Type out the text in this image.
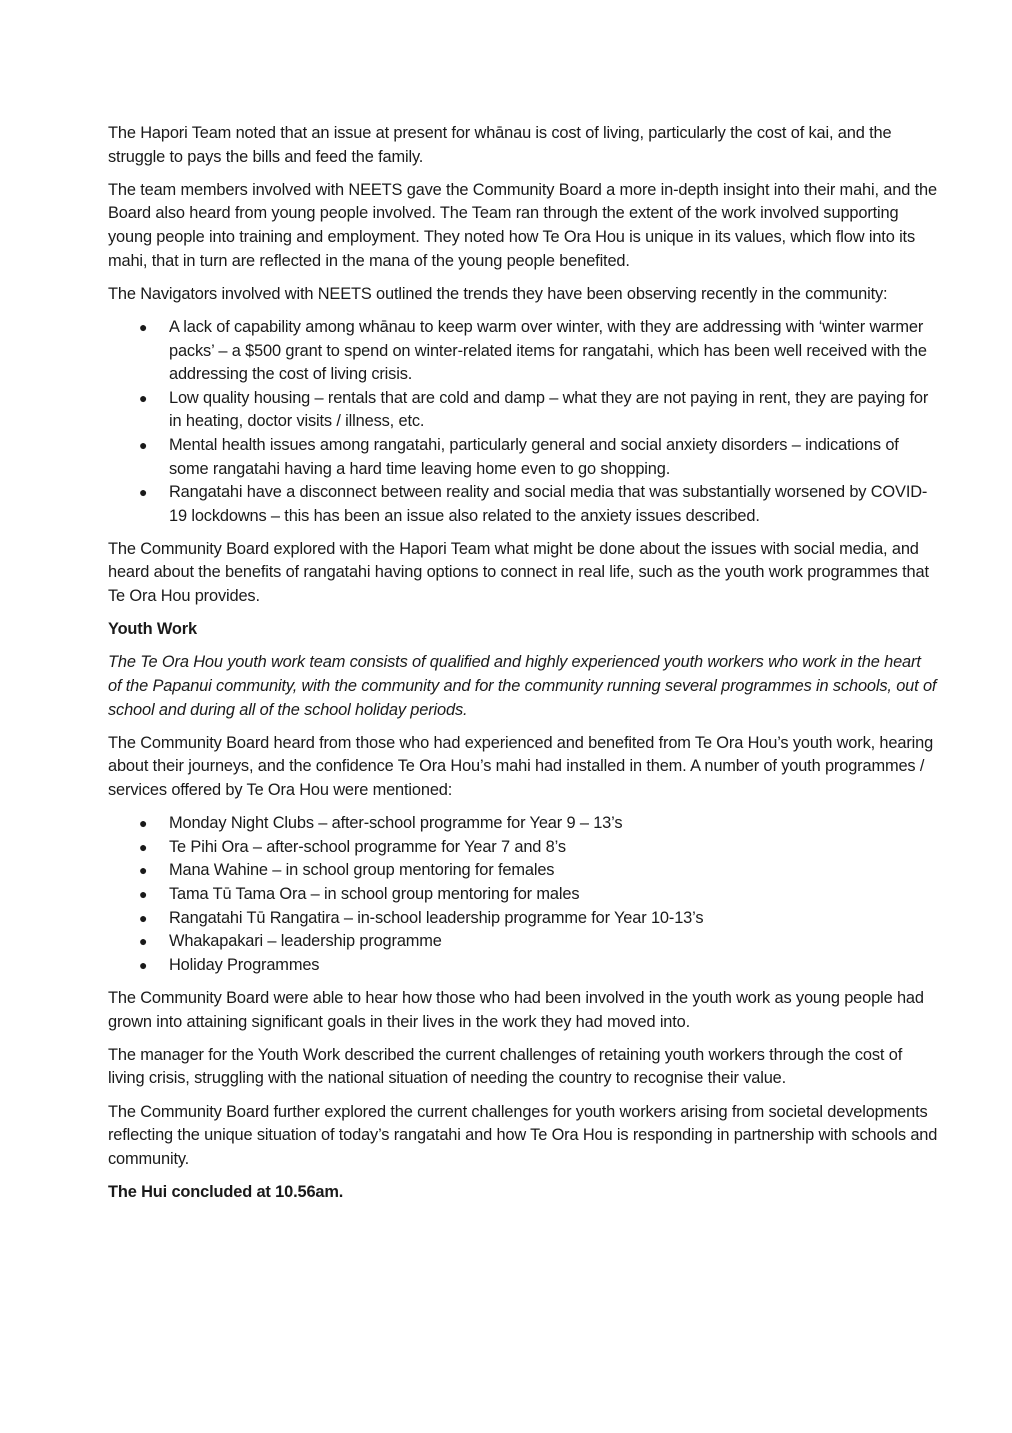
The Hapori Team noted that an issue at present for whānau is cost of living, particularly the cost of kai, and the struggle to pays the bills and feed the family.

The team members involved with NEETS gave the Community Board a more in-depth insight into their mahi, and the Board also heard from young people involved. The Team ran through the extent of the work involved supporting young people into training and employment. They noted how Te Ora Hou is unique in its values, which flow into its mahi, that in turn are reflected in the mana of the young people benefited.

The Navigators involved with NEETS outlined the trends they have been observing recently in the community:

● A lack of capability among whānau to keep warm over winter, with they are addressing with ‘winter warmer packs’ – a $500 grant to spend on winter-related items for rangatahi, which has been well received with the addressing the cost of living crisis.
● Low quality housing – rentals that are cold and damp – what they are not paying in rent, they are paying for in heating, doctor visits / illness, etc.
● Mental health issues among rangatahi, particularly general and social anxiety disorders – indications of some rangatahi having a hard time leaving home even to go shopping.
● Rangatahi have a disconnect between reality and social media that was substantially worsened by COVID-19 lockdowns – this has been an issue also related to the anxiety issues described.

The Community Board explored with the Hapori Team what might be done about the issues with social media, and heard about the benefits of rangatahi having options to connect in real life, such as the youth work programmes that Te Ora Hou provides.

Youth Work

The Te Ora Hou youth work team consists of qualified and highly experienced youth workers who work in the heart of the Papanui community, with the community and for the community running several programmes in schools, out of school and during all of the school holiday periods.

The Community Board heard from those who had experienced and benefited from Te Ora Hou’s youth work, hearing about their journeys, and the confidence Te Ora Hou’s mahi had installed in them. A number of youth programmes / services offered by Te Ora Hou were mentioned:

● Monday Night Clubs – after-school programme for Year 9 – 13’s
● Te Pihi Ora – after-school programme for Year 7 and 8’s
● Mana Wahine – in school group mentoring for females
● Tama Tū Tama Ora – in school group mentoring for males
● Rangatahi Tū Rangatira – in-school leadership programme for Year 10-13’s
● Whakapakari – leadership programme
● Holiday Programmes

The Community Board were able to hear how those who had been involved in the youth work as young people had grown into attaining significant goals in their lives in the work they had moved into.

The manager for the Youth Work described the current challenges of retaining youth workers through the cost of living crisis, struggling with the national situation of needing the country to recognise their value.

The Community Board further explored the current challenges for youth workers arising from societal developments reflecting the unique situation of today’s rangatahi and how Te Ora Hou is responding in partnership with schools and community.

The Hui concluded at 10.56am.
